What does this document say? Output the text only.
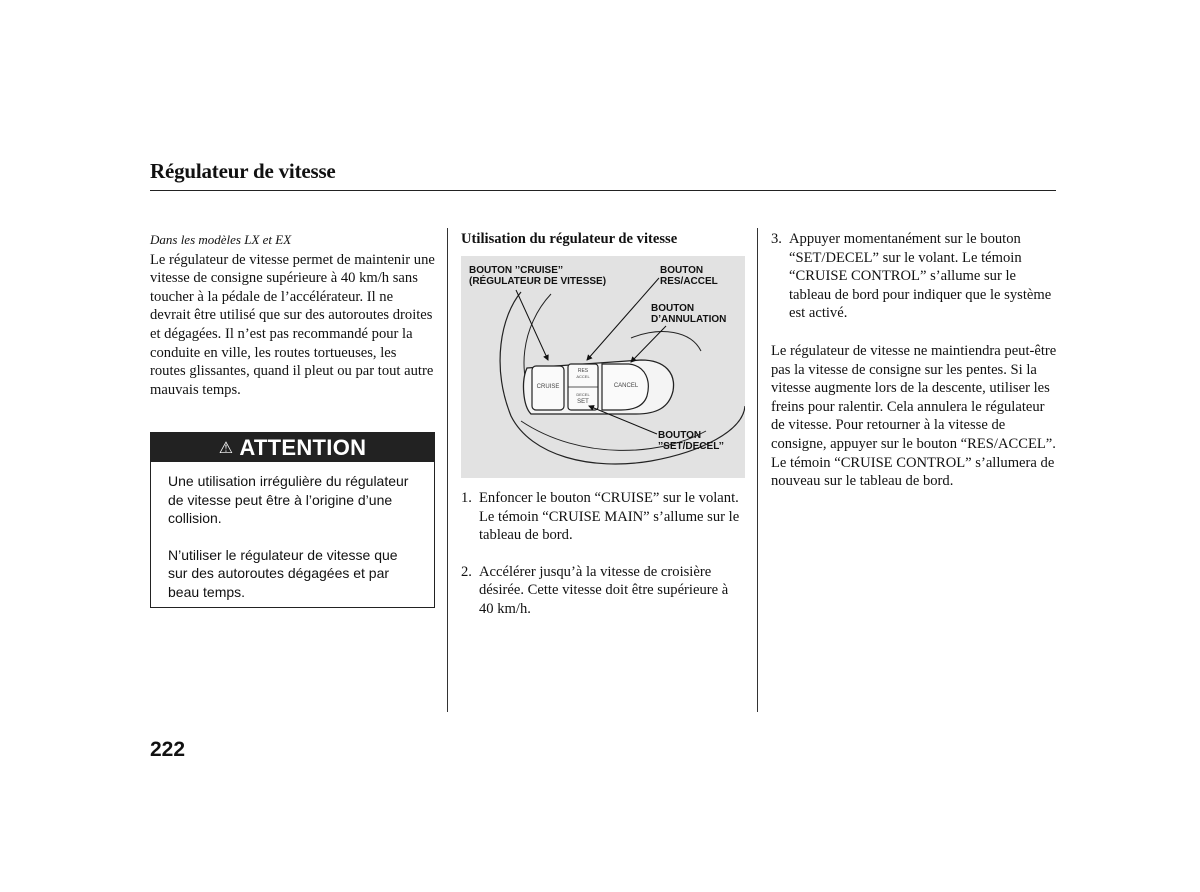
Régulateur de vitesse
Dans les modèles LX et EX
Le régulateur de vitesse permet de maintenir une vitesse de consigne supérieure à 40 km/h sans toucher à la pédale de l’accélérateur. Il ne devrait être utilisé que sur des autoroutes droites et dégagées. Il n’est pas recommandé pour la conduite en ville, les routes tortueuses, les routes glissantes, quand il pleut ou par tout autre mauvais temps.
⚠ ATTENTION

Une utilisation irrégulière du régulateur de vitesse peut être à l’origine d’une collision.

N’utiliser le régulateur de vitesse que sur des autoroutes dégagées et par beau temps.

Utilisation du régulateur de vitesse
CRUISE
RES
ACCEL
DECEL
SET
CANCEL
BOUTON ’’CRUISE’’
(RÉGULATEUR DE VITESSE)
BOUTON
RES/ACCEL
BOUTON
D’ANNULATION
BOUTON
’’SET/DECEL’’
1. Enfoncer le bouton “CRUISE” sur le volant. Le témoin “CRUISE MAIN” s’allume sur le tableau de bord.
2. Accélérer jusqu’à la vitesse de croisière désirée. Cette vitesse doit être supérieure à 40 km/h.
3. Appuyer momentanément sur le bouton “SET/DECEL” sur le volant. Le témoin “CRUISE CONTROL” s’allume sur le tableau de bord pour indiquer que le système est activé.
Le régulateur de vitesse ne maintiendra peut-être pas la vitesse de consigne sur les pentes. Si la vitesse augmente lors de la descente, utiliser les freins pour ralentir. Cela annulera le régulateur de vitesse. Pour retourner à la vitesse de consigne, appuyer sur le bouton “RES/ACCEL”. Le témoin “CRUISE CONTROL” s’allumera de nouveau sur le tableau de bord.
222
